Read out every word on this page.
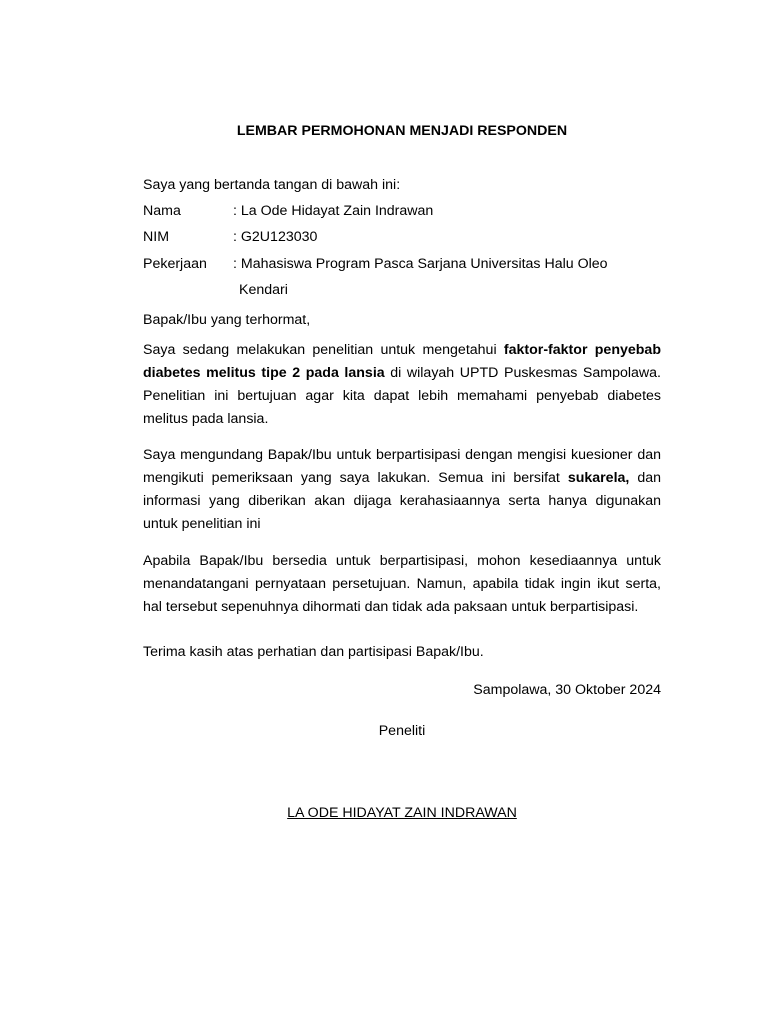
LEMBAR PERMOHONAN MENJADI RESPONDEN
Saya yang bertanda tangan di bawah ini:
Nama	: La Ode Hidayat Zain Indrawan
NIM	: G2U123030
Pekerjaan	: Mahasiswa Program Pasca Sarjana Universitas Halu Oleo
Kendari
Bapak/Ibu yang terhormat,
Saya sedang melakukan penelitian untuk mengetahui faktor-faktor penyebab diabetes melitus tipe 2 pada lansia di wilayah UPTD Puskesmas Sampolawa. Penelitian ini bertujuan agar kita dapat lebih memahami penyebab diabetes melitus pada lansia.
Saya mengundang Bapak/Ibu untuk berpartisipasi dengan mengisi kuesioner dan mengikuti pemeriksaan yang saya lakukan. Semua ini bersifat sukarela, dan informasi yang diberikan akan dijaga kerahasiaannya serta hanya digunakan untuk penelitian ini
Apabila Bapak/Ibu bersedia untuk berpartisipasi, mohon kesediaannya untuk menandatangani pernyataan persetujuan. Namun, apabila tidak ingin ikut serta, hal tersebut sepenuhnya dihormati dan tidak ada paksaan untuk berpartisipasi.
Terima kasih atas perhatian dan partisipasi Bapak/Ibu.
Sampolawa, 30 Oktober 2024
Peneliti
LA ODE HIDAYAT ZAIN INDRAWAN
